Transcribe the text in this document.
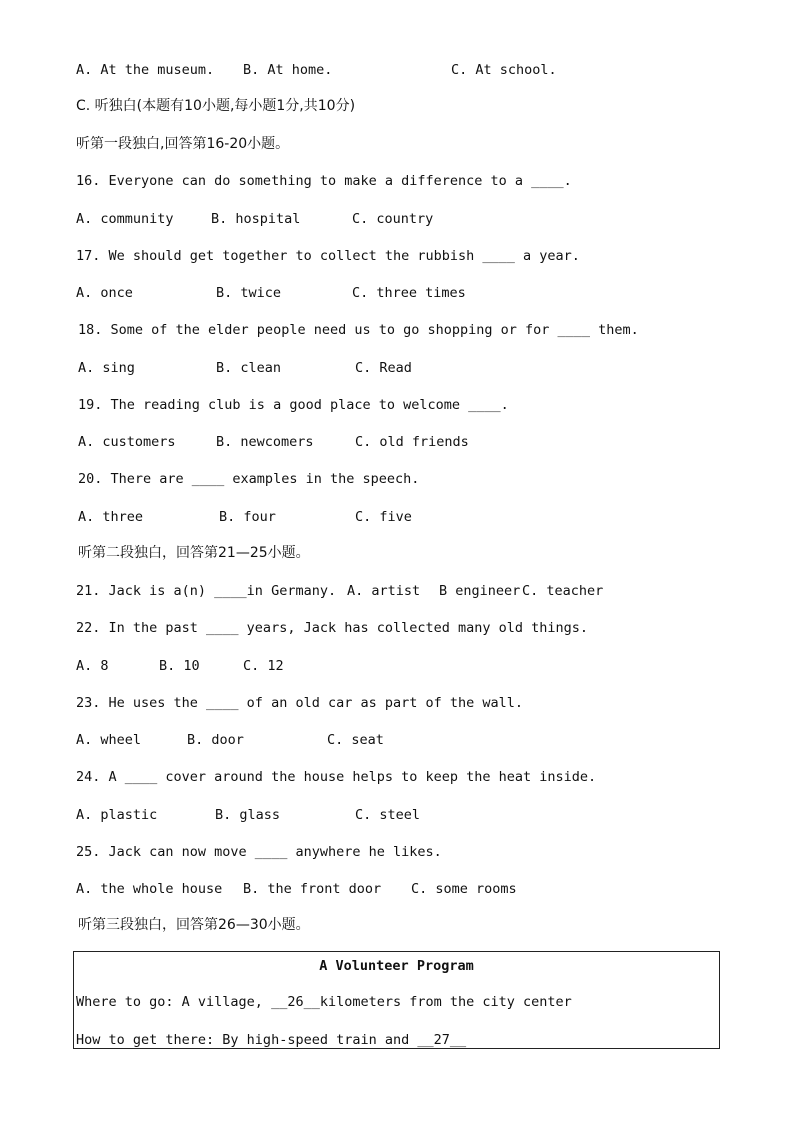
A. At the museum. B. At home.	C. At school.
C. 听独白(本题有10小题,每小题1分,共10分)
听第一段独白,回答第16-20小题。
16. Everyone can do something to make a difference to a ____.
A. community	B. hospital	C. country
17. We should get together to collect the rubbish ____ a year.
A. once	B. twice	C. three times
18. Some of the elder people need us to go shopping or for ____ them.
A. sing	B. clean	C. Read
19. The reading club is a good place to welcome ____.
A. customers	B. newcomers	C. old friends
20. There are ____ examples in the speech.
A. three	B. four	C. five
听第二段独白，回答第21—25小题。
21. Jack is a(n) ____in Germany. A. artist B engineer C. teacher
22. In the past ____ years, Jack has collected many old things.
A. 8	B. 10	C. 12
23. He uses the ____ of an old car as part of the wall.
A. wheel	B. door	C. seat
24. A ____ cover around the house helps to keep the heat inside.
A. plastic	B. glass	C. steel
25. Jack can now move ____ anywhere he likes.
A. the whole house B. the front door C. some rooms
听第三段独白，回答第26—30小题。
A Volunteer Program
Where to go: A village, __26__kilometers from the city center
How to get there: By high-speed train and __27__
